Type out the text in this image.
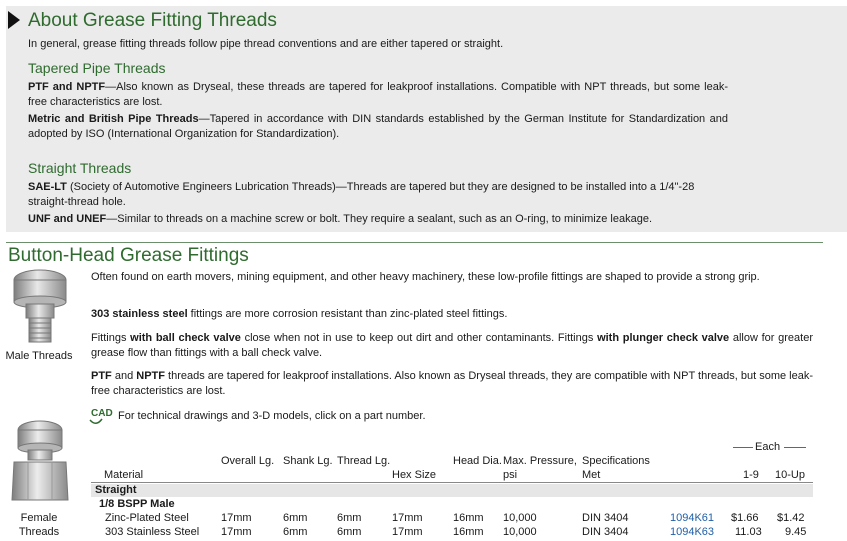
About Grease Fitting Threads
In general, grease fitting threads follow pipe thread conventions and are either tapered or straight.
Tapered Pipe Threads
PTF and NPTF—Also known as Dryseal, these threads are tapered for leakproof installations. Compatible with NPT threads, but some leak-free characteristics are lost.
Metric and British Pipe Threads—Tapered in accordance with DIN standards established by the German Institute for Standardization and adopted by ISO (International Organization for Standardization).
Straight Threads
SAE-LT (Society of Automotive Engineers Lubrication Threads)—Threads are tapered but they are designed to be installed into a 1/4"-28 straight-thread hole.
UNF and UNEF—Similar to threads on a machine screw or bolt. They require a sealant, such as an O-ring, to minimize leakage.
Button-Head Grease Fittings
Male Threads
Female Threads
Often found on earth movers, mining equipment, and other heavy machinery, these low-profile fittings are shaped to provide a strong grip.
303 stainless steel fittings are more corrosion resistant than zinc-plated steel fittings.
Fittings with ball check valve close when not in use to keep out dirt and other contaminants. Fittings with plunger check valve allow for greater grease flow than fittings with a ball check valve.
PTF and NPTF threads are tapered for leakproof installations. Also known as Dryseal threads, they are compatible with NPT threads, but some leak-free characteristics are lost.
CAD For technical drawings and 3-D models, click on a part number.
Material
Overall Lg. Shank Lg. Thread Lg.
Hex Size
Head Dia. Max. Pressure, psi
Specifications Met
Each
1-9 10-Up
Straight
1/8 BSPP Male
Zinc-Plated Steel	17mm	6mm	6mm	17mm	16mm 10,000	DIN 3404	1094K61 $1.66 $1.42
303 Stainless Steel 17mm	6mm	6mm	17mm	16mm 10,000	DIN 3404	1094K63 11.03 9.45
